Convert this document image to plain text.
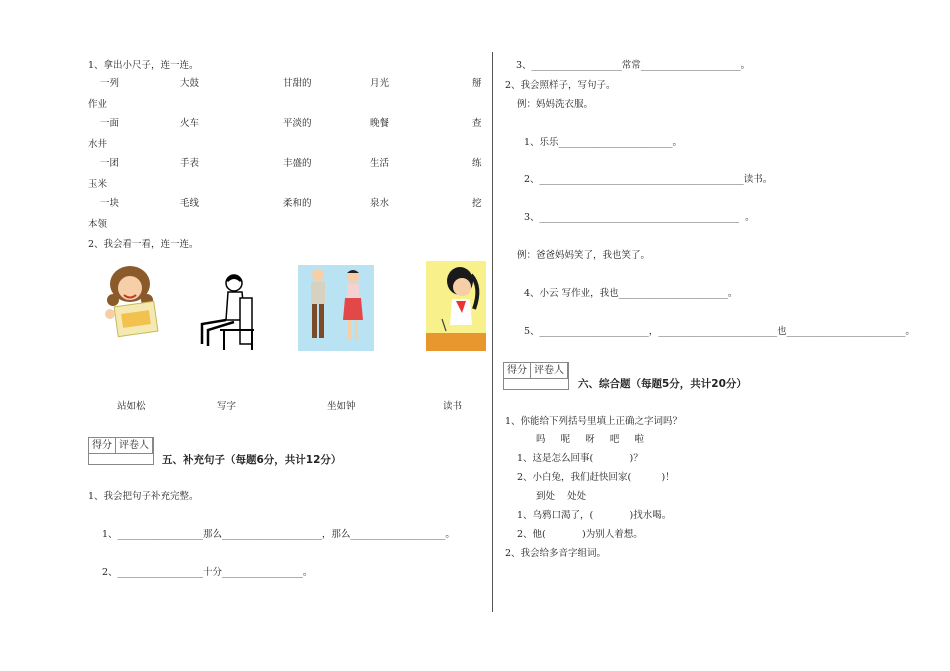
1、拿出小尺子，连一连。
一列	大鼓	甘甜的	月光	掰
作业
一面	火车	平淡的	晚餐	查
水井
一团	手表	丰盛的	生活	练
玉米
一块	毛线	柔和的	泉水	挖
本领
2、我会看一看，连一连。
站如松	写字	坐如钟	读书
得分 评卷人
五、补充句子（每题6分，共计12分）
1、我会把句子补充完整。
1、__________________那么_____________________，那么____________________。
2、__________________十分_________________。
3、___________________常常_____________________。
2、我会照样子，写句子。
例：妈妈洗衣服。
1、乐乐________________________。
2、___________________________________________读书。
3、__________________________________________ 。
例：爸爸妈妈笑了，我也笑了。
4、小云 写作业，我也_______________________。
5、_______________________，_________________________也_________________________。
得分 评卷人
六、综合题（每题5分，共计20分）
1、你能给下列括号里填上正确之字词吗？
吗 呢 呀 吧 啦
1、这是怎么回事(	)？
2、小白兔，我们赶快回家(	)！
到处 处处
1、乌鸦口渴了，(	)找水喝。
2、他(	)为别人着想。
2、我会给多音字组词。
